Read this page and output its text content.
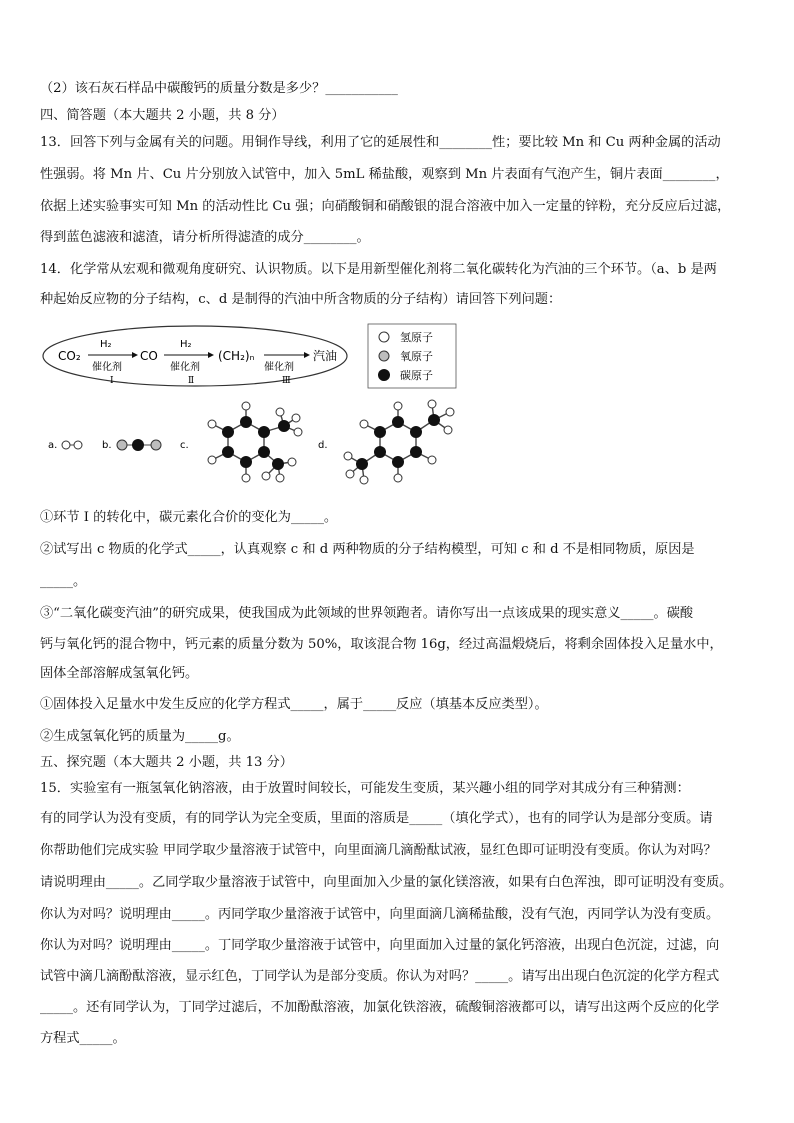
（2）该石灰石样品中碳酸钙的质量分数是多少？___________
四、简答题（本大题共 2 小题，共 8 分）
13．回答下列与金属有关的问题。用铜作导线，利用了它的延展性和________性；要比较 Mn 和 Cu 两种金属的活动
性强弱。将 Mn 片、Cu 片分别放入试管中，加入 5mL 稀盐酸，观察到 Mn 片表面有气泡产生，铜片表面________，
依据上述实验事实可知 Mn 的活动性比 Cu 强；向硝酸铜和硝酸银的混合溶液中加入一定量的锌粉，充分反应后过滤，
得到蓝色滤液和滤渣，请分析所得滤渣的成分________。
14．化学常从宏观和微观角度研究、认识物质。以下是用新型催化剂将二氧化碳转化为汽油的三个环节。（a、b 是两
种起始反应物的分子结构，c、d 是制得的汽油中所含物质的分子结构）请回答下列问题：
CO₂
H₂
催化剂
Ⅰ
CO
H₂
催化剂
Ⅱ
(CH₂)ₙ
催化剂
Ⅲ
汽油
氢原子
氧原子
碳原子
a.	b.	c.	d.
①环节 I 的转化中，碳元素化合价的变化为_____。
②试写出 c 物质的化学式_____，认真观察 c 和 d 两种物质的分子结构模型，可知 c 和 d 不是相同物质，原因是
_____。
③“二氧化碳变汽油”的研究成果，使我国成为此领域的世界领跑者。请你写出一点该成果的现实意义_____。碳酸
钙与氧化钙的混合物中，钙元素的质量分数为 50%，取该混合物 16g，经过高温煅烧后，将剩余固体投入足量水中，
固体全部溶解成氢氧化钙。
①固体投入足量水中发生反应的化学方程式_____，属于_____反应（填基本反应类型）。
②生成氢氧化钙的质量为_____g。
五、探究题（本大题共 2 小题，共 13 分）
15．实验室有一瓶氢氧化钠溶液，由于放置时间较长，可能发生变质，某兴趣小组的同学对其成分有三种猜测：
有的同学认为没有变质，有的同学认为完全变质，里面的溶质是_____（填化学式），也有的同学认为是部分变质。请
你帮助他们完成实验 甲同学取少量溶液于试管中，向里面滴几滴酚酞试液，显红色即可证明没有变质。你认为对吗？
请说明理由_____。乙同学取少量溶液于试管中，向里面加入少量的氯化镁溶液，如果有白色浑浊，即可证明没有变质。
你认为对吗？说明理由_____。丙同学取少量溶液于试管中，向里面滴几滴稀盐酸，没有气泡，丙同学认为没有变质。
你认为对吗？说明理由_____。丁同学取少量溶液于试管中，向里面加入过量的氯化钙溶液，出现白色沉淀，过滤，向
试管中滴几滴酚酞溶液，显示红色，丁同学认为是部分变质。你认为对吗？_____。请写出出现白色沉淀的化学方程式
_____。还有同学认为，丁同学过滤后，不加酚酞溶液，加氯化铁溶液，硫酸铜溶液都可以，请写出这两个反应的化学
方程式_____。
